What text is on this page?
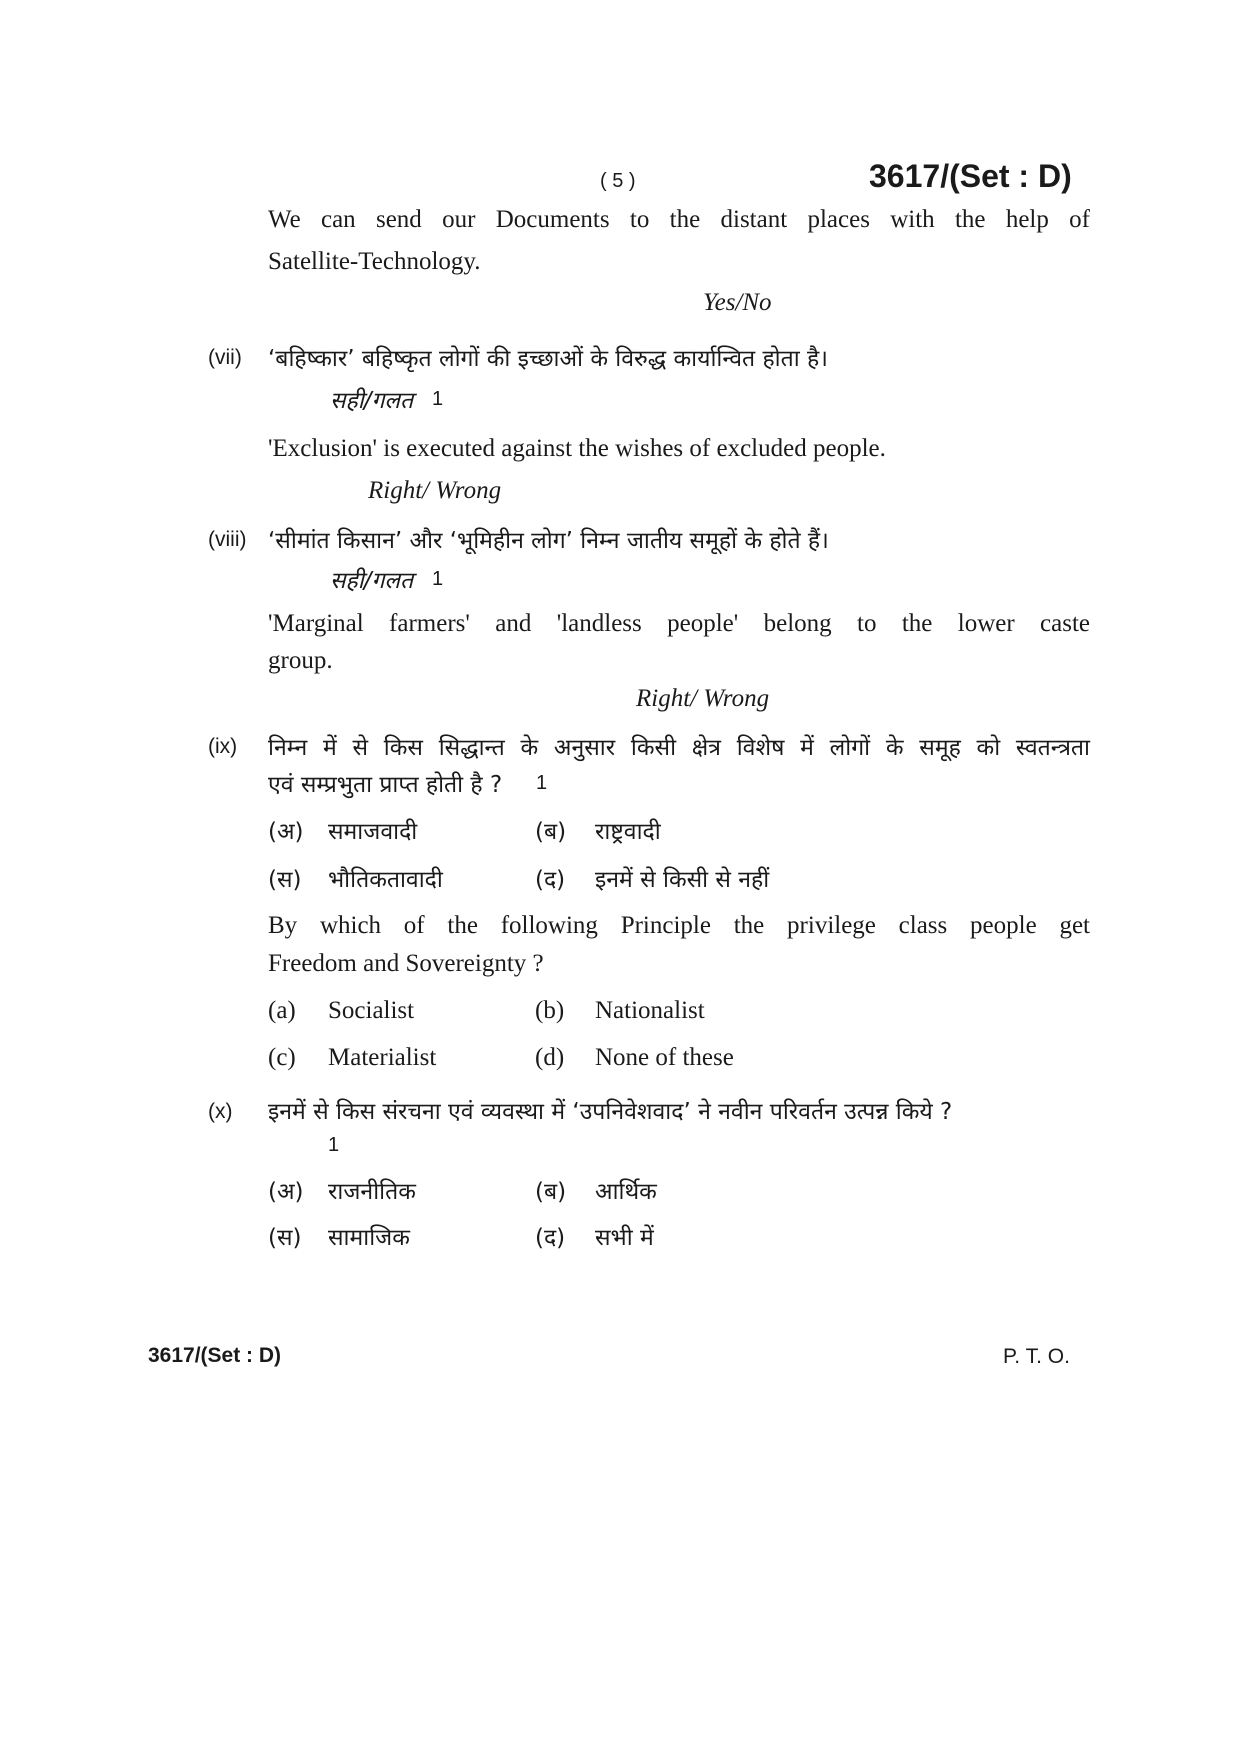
( 5 )	3617/(Set : D)
We can send our Documents to the distant places with the help of
Satellite-Technology.
Yes/No
(vii) ‘बहिष्कार’ बहिष्कृत लोगों की इच्छाओं के विरुद्ध कार्यान्वित होता है।
सही/गलत 1
'Exclusion' is executed against the wishes of excluded people.
Right/ Wrong
(viii) ‘सीमांत किसान’ और ‘भूमिहीन लोग’ निम्न जातीय समूहों के होते हैं।
सही/गलत 1
'Marginal farmers' and 'landless people' belong to the lower caste
group.
Right/ Wrong
(ix) निम्न में से किस सिद्धान्त के अनुसार किसी क्षेत्र विशेष में लोगों के समूह को स्वतन्त्रता
एवं सम्प्रभुता प्राप्त होती है ? 1
(अ) समाजवादी	(ब) राष्ट्रवादी
(स) भौतिकतावादी	(द) इनमें से किसी से नहीं
By which of the following Principle the privilege class people get
Freedom and Sovereignty ?
(a) Socialist	(b) Nationalist
(c) Materialist	(d) None of these
(x) इनमें से किस संरचना एवं व्यवस्था में ‘उपनिवेशवाद’ ने नवीन परिवर्तन उत्पन्न किये ?
1
(अ) राजनीतिक	(ब) आर्थिक
(स) सामाजिक	(द) सभी में
3617/(Set : D)	P. T. O.
